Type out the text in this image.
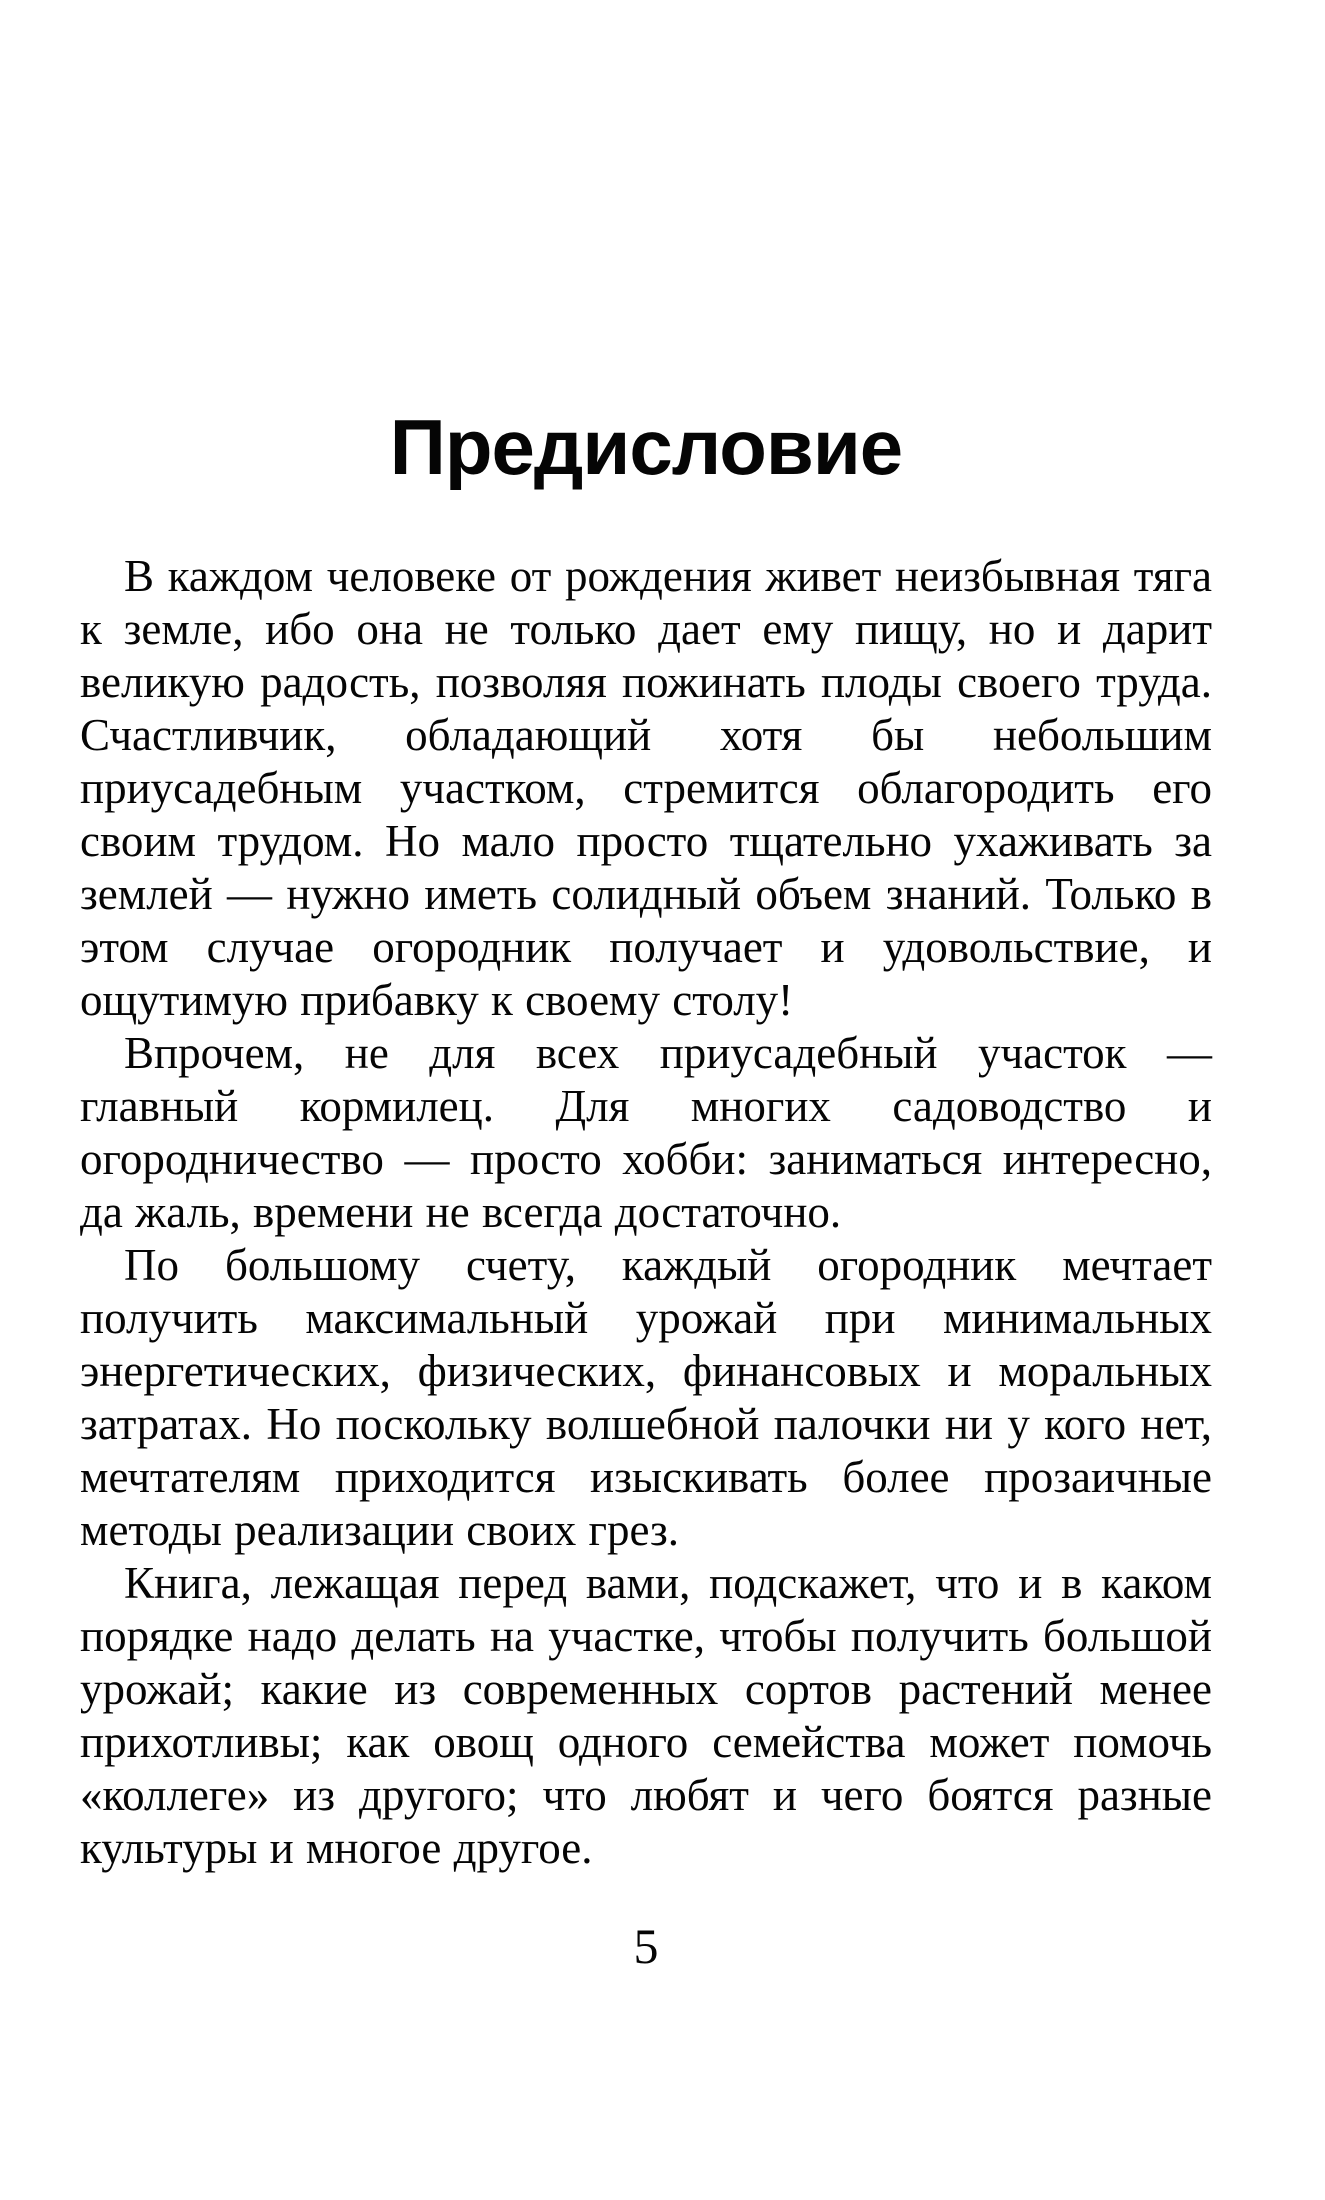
Предисловие

В каждом человеке от рождения живет неизбывная тяга к земле, ибо она не только дает ему пищу, но и дарит великую радость, позволяя пожинать плоды своего труда. Счастливчик, обладающий хотя бы небольшим приусадебным участком, стремится облагородить его своим трудом. Но мало просто тщательно ухаживать за землей — нужно иметь солидный объем знаний. Только в этом случае огородник получает и удовольствие, и ощутимую прибавку к своему столу!

Впрочем, не для всех приусадебный участок — главный кормилец. Для многих садоводство и огородничество — просто хобби: заниматься интересно, да жаль, времени не всегда достаточно.

По большому счету, каждый огородник мечтает получить максимальный урожай при минимальных энергетических, физических, финансовых и моральных затратах. Но поскольку волшебной палочки ни у кого нет, мечтателям приходится изыскивать более прозаичные методы реализации своих грез.

Книга, лежащая перед вами, подскажет, что и в каком порядке надо делать на участке, чтобы получить большой урожай; какие из современных сортов растений менее прихотливы; как овощ одного семейства может помочь «коллеге» из другого; что любят и чего боятся разные культуры и многое другое.

5
